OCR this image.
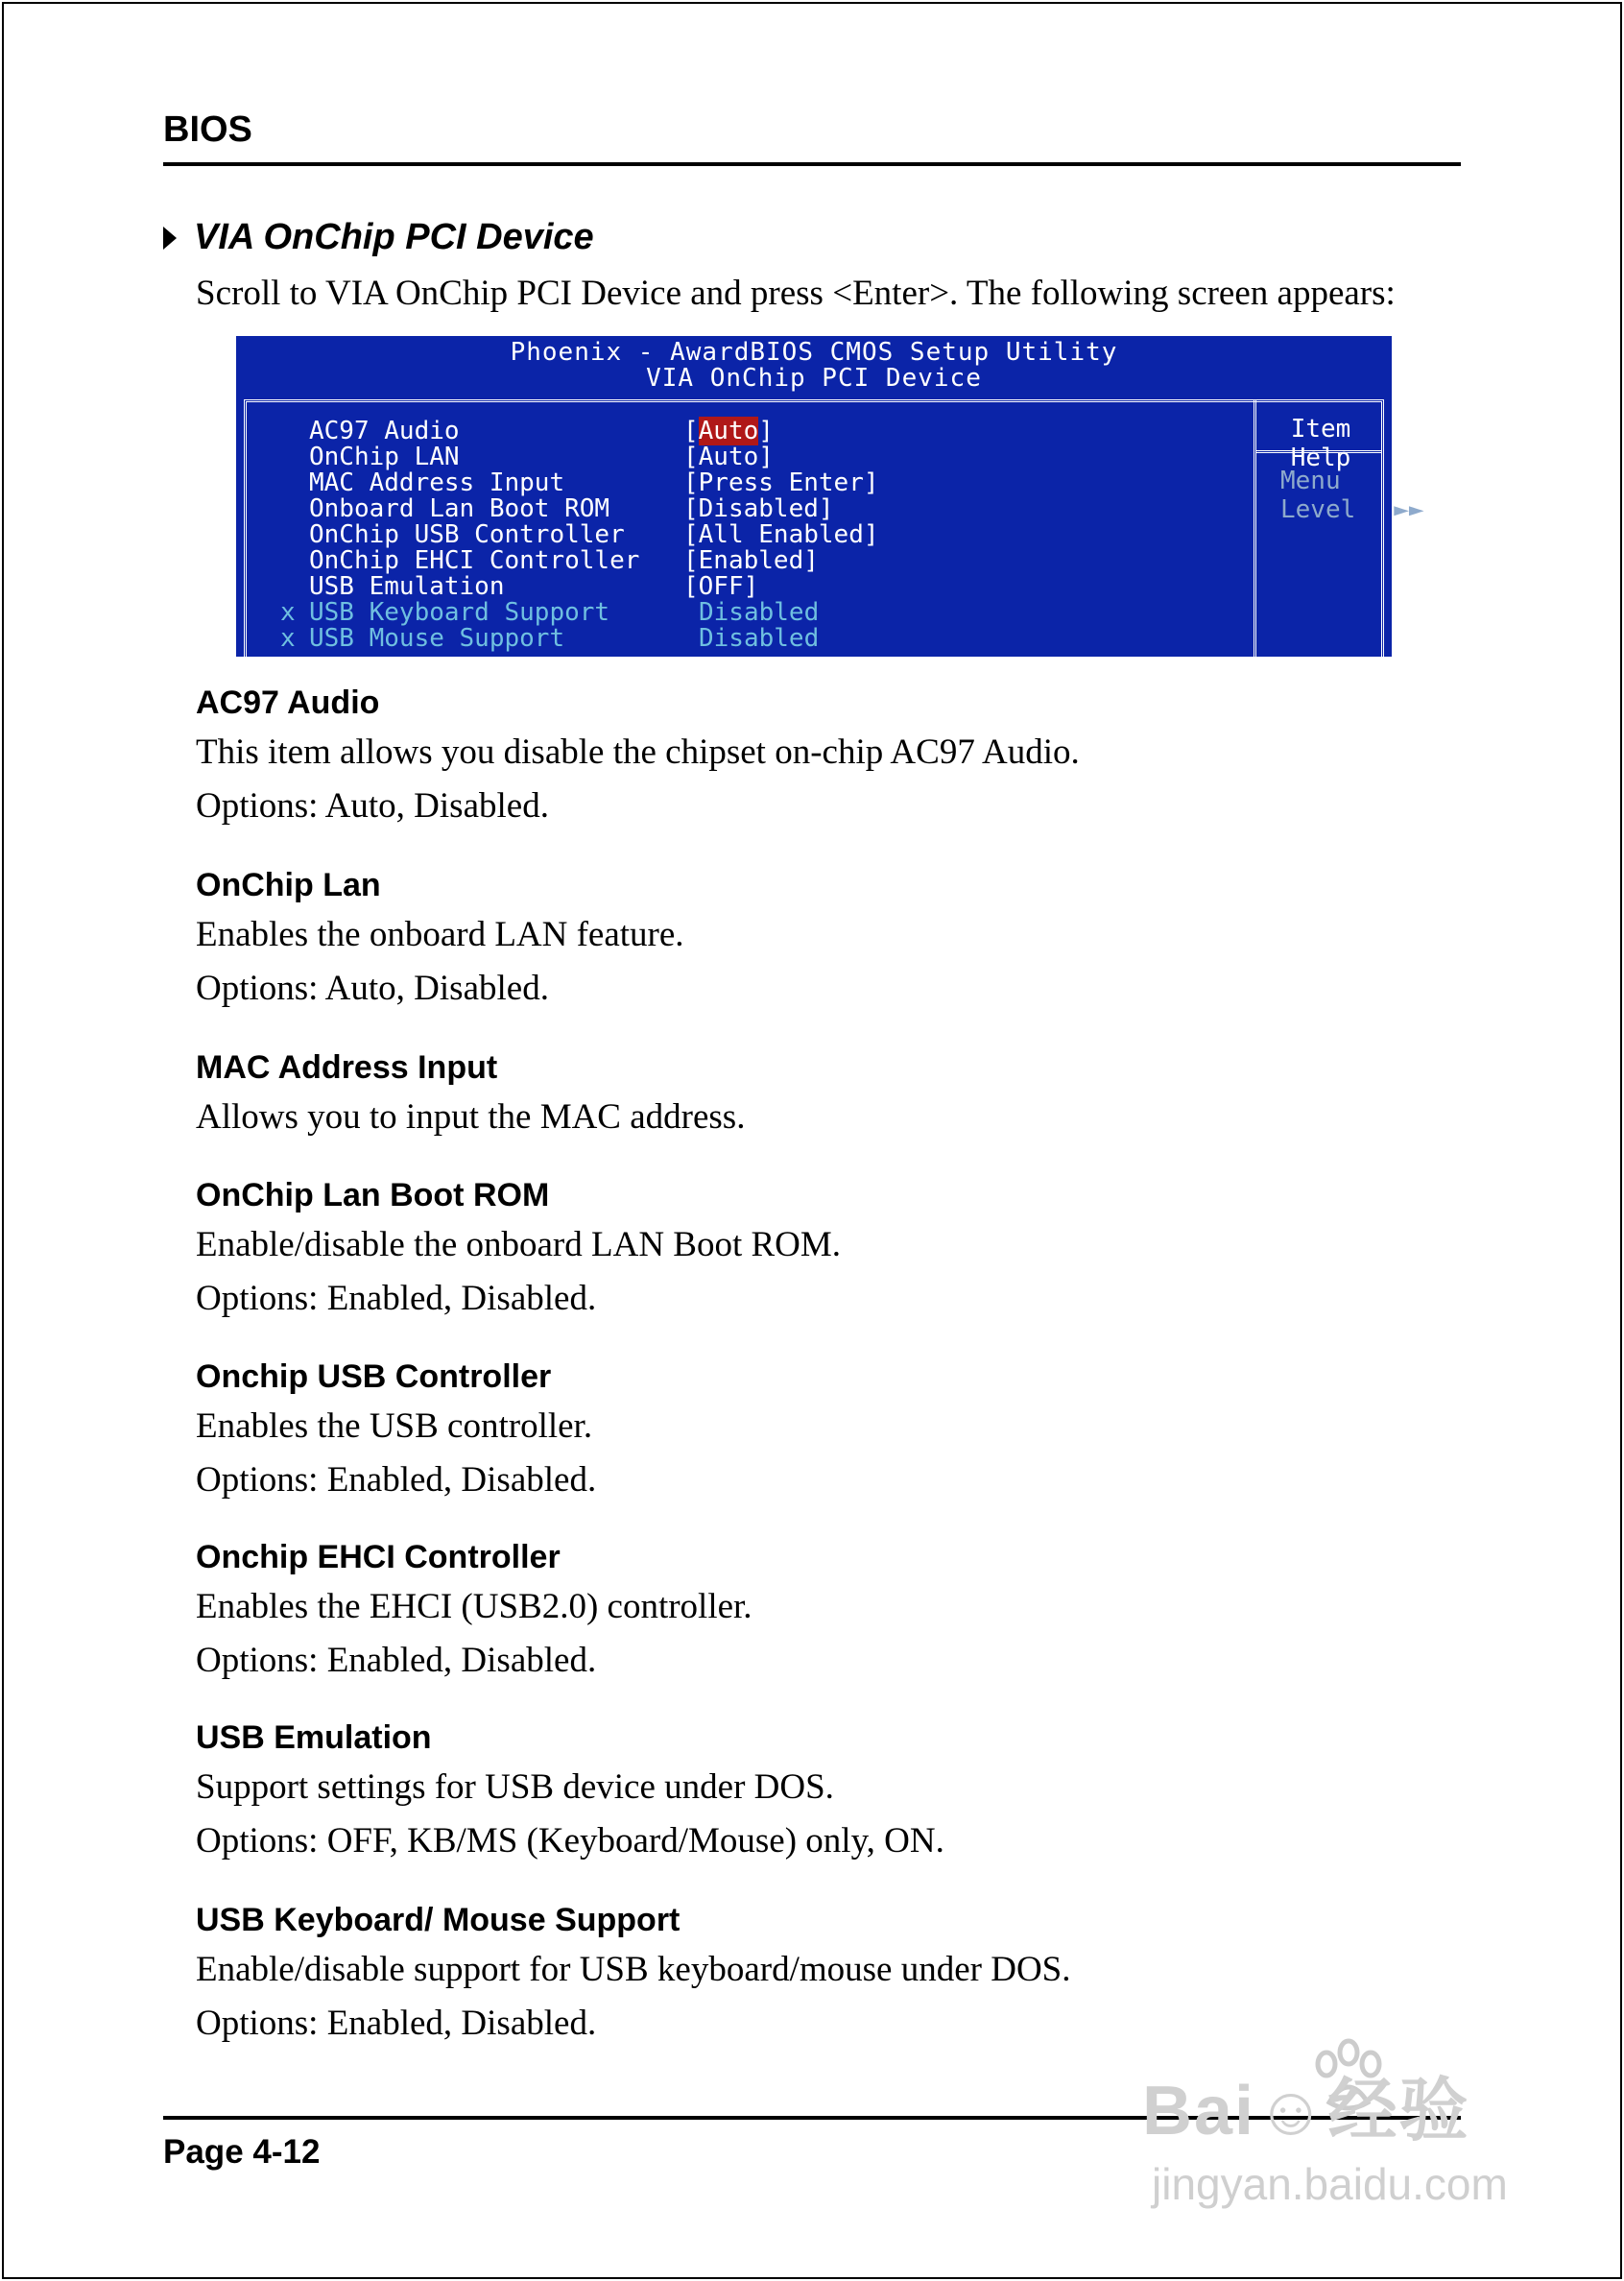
BIOS
VIA OnChip PCI Device
Scroll to VIA OnChip PCI Device and press <Enter>. The following screen appears:
Phoenix - AwardBIOS CMOS Setup Utility
VIA OnChip PCI Device
Item Help
Menu Level ►►
AC97 Audio	[Auto]
OnChip LAN	[Auto]
MAC Address Input	[Press Enter]
Onboard Lan Boot ROM	[Disabled]
OnChip USB Controller [All Enabled]
OnChip EHCI Controller [Enabled]
USB Emulation	[OFF]
x USB Keyboard Support	Disabled
x USB Mouse Support	Disabled
AC97 Audio
This item allows you disable the chipset on-chip AC97 Audio.
Options: Auto, Disabled.
OnChip Lan
Enables the onboard LAN feature.
Options: Auto, Disabled.
MAC Address Input
Allows you to input the MAC address.
OnChip Lan Boot ROM
Enable/disable the onboard LAN Boot ROM.
Options: Enabled, Disabled.
Onchip USB Controller
Enables the USB controller.
Options: Enabled, Disabled.
Onchip EHCI Controller
Enables the EHCI (USB2.0) controller.
Options: Enabled, Disabled.
USB Emulation
Support settings for USB device under DOS.
Options: OFF, KB/MS (Keyboard/Mouse) only, ON.
USB Keyboard/ Mouse Support
Enable/disable support for USB keyboard/mouse under DOS.
Options: Enabled, Disabled.
Page 4-12
Bai☺经验
jingyan.baidu.com
